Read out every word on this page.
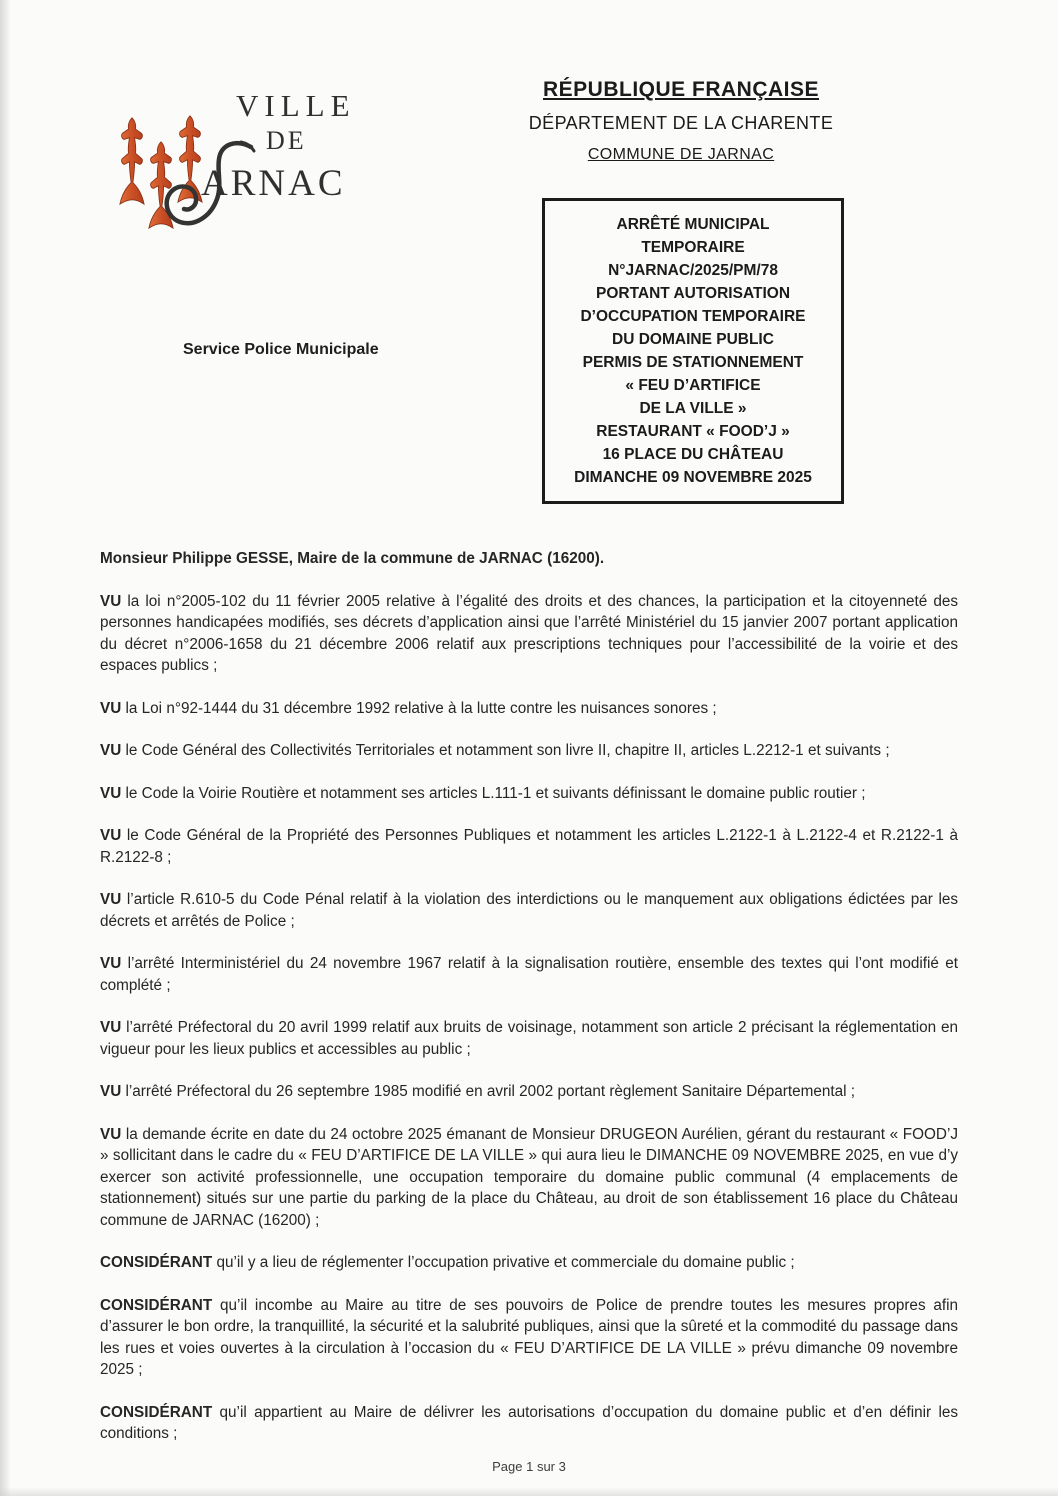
VILLE
DE
ARNAC
Service Police Municipale
RÉPUBLIQUE FRANÇAISE
DÉPARTEMENT DE LA CHARENTE
COMMUNE DE JARNAC
ARRÊTÉ MUNICIPAL
TEMPORAIRE
N°JARNAC/2025/PM/78
PORTANT AUTORISATION
D’OCCUPATION TEMPORAIRE
DU DOMAINE PUBLIC
PERMIS DE STATIONNEMENT
« FEU D’ARTIFICE
DE LA VILLE »
RESTAURANT « FOOD’J »
16 PLACE DU CHÂTEAU
DIMANCHE 09 NOVEMBRE 2025

Monsieur Philippe GESSE, Maire de la commune de JARNAC (16200).

VU la loi n°2005-102 du 11 février 2005 relative à l’égalité des droits et des chances, la participation et la citoyenneté des personnes handicapées modifiés, ses décrets d’application ainsi que l’arrêté Ministériel du 15 janvier 2007 portant application du décret n°2006-1658 du 21 décembre 2006 relatif aux prescriptions techniques pour l’accessibilité de la voirie et des espaces publics ;

VU la Loi n°92-1444 du 31 décembre 1992 relative à la lutte contre les nuisances sonores ;

VU le Code Général des Collectivités Territoriales et notamment son livre II, chapitre II, articles L.2212-1 et suivants ;

VU le Code la Voirie Routière et notamment ses articles L.111-1 et suivants définissant le domaine public routier ;

VU le Code Général de la Propriété des Personnes Publiques et notamment les articles L.2122-1 à L.2122-4 et R.2122-1 à R.2122-8 ;

VU l’article R.610-5 du Code Pénal relatif à la violation des interdictions ou le manquement aux obligations édictées par les décrets et arrêtés de Police ;

VU l’arrêté Interministériel du 24 novembre 1967 relatif à la signalisation routière, ensemble des textes qui l’ont modifié et complété ;

VU l’arrêté Préfectoral du 20 avril 1999 relatif aux bruits de voisinage, notamment son article 2 précisant la réglementation en vigueur pour les lieux publics et accessibles au public ;

VU l’arrêté Préfectoral du 26 septembre 1985 modifié en avril 2002 portant règlement Sanitaire Départemental ;

VU la demande écrite en date du 24 octobre 2025 émanant de Monsieur DRUGEON Aurélien, gérant du restaurant « FOOD’J » sollicitant dans le cadre du « FEU D’ARTIFICE DE LA VILLE » qui aura lieu le DIMANCHE 09 NOVEMBRE 2025, en vue d’y exercer son activité professionnelle, une occupation temporaire du domaine public communal (4 emplacements de stationnement) situés sur une partie du parking de la place du Château, au droit de son établissement 16 place du Château commune de JARNAC (16200) ;

CONSIDÉRANT qu’il y a lieu de réglementer l’occupation privative et commerciale du domaine public ;

CONSIDÉRANT qu’il incombe au Maire au titre de ses pouvoirs de Police de prendre toutes les mesures propres afin d’assurer le bon ordre, la tranquillité, la sécurité et la salubrité publiques, ainsi que la sûreté et la commodité du passage dans les rues et voies ouvertes à la circulation à l’occasion du « FEU D’ARTIFICE DE LA VILLE » prévu dimanche 09 novembre 2025 ;

CONSIDÉRANT qu’il appartient au Maire de délivrer les autorisations d’occupation du domaine public et d’en définir les conditions ;

Page 1 sur 3
